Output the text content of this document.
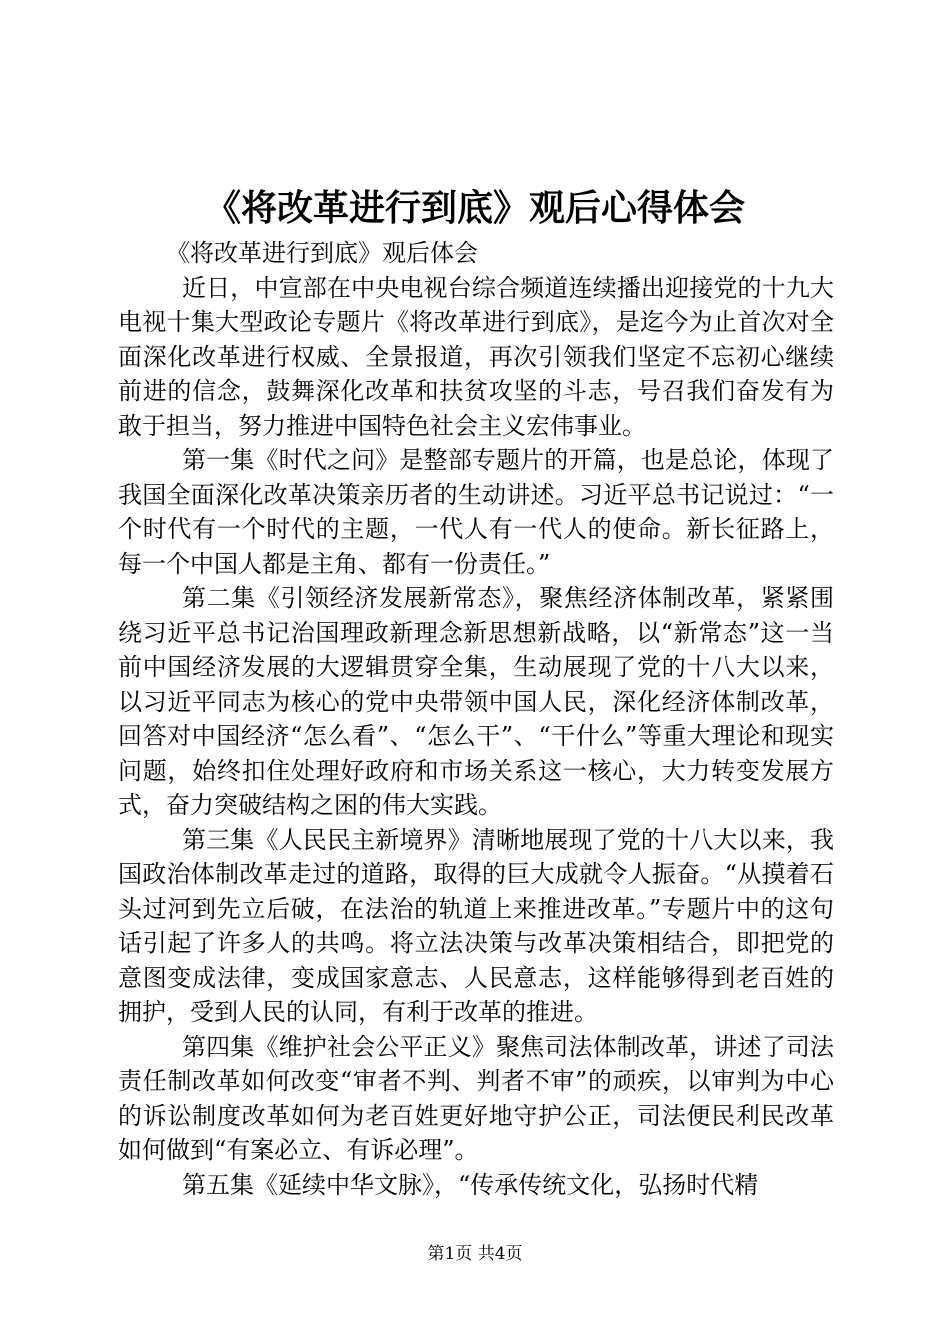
《将改革进行到底》观后心得体会

《将改革进行到底》观后体会

近日，中宣部在中央电视台综合频道连续播出迎接党的十九大电视十集大型政论专题片《将改革进行到底》，是迄今为止首次对全面深化改革进行权威、全景报道，再次引领我们坚定不忘初心继续前进的信念，鼓舞深化改革和扶贫攻坚的斗志，号召我们奋发有为敢于担当，努力推进中国特色社会主义宏伟事业。

第一集《时代之问》是整部专题片的开篇，也是总论，体现了我国全面深化改革决策亲历者的生动讲述。习近平总书记说过：“一个时代有一个时代的主题，一代人有一代人的使命。新长征路上，每一个中国人都是主角、都有一份责任。”

第二集《引领经济发展新常态》，聚焦经济体制改革，紧紧围绕习近平总书记治国理政新理念新思想新战略，以“新常态”这一当前中国经济发展的大逻辑贯穿全集，生动展现了党的十八大以来，以习近平同志为核心的党中央带领中国人民，深化经济体制改革，回答对中国经济“怎么看”、“怎么干”、“干什么”等重大理论和现实问题，始终扣住处理好政府和市场关系这一核心，大力转变发展方式，奋力突破结构之困的伟大实践。

第三集《人民民主新境界》清晰地展现了党的十八大以来，我国政治体制改革走过的道路，取得的巨大成就令人振奋。“从摸着石头过河到先立后破，在法治的轨道上来推进改革。”专题片中的这句话引起了许多人的共鸣。将立法决策与改革决策相结合，即把党的意图变成法律，变成国家意志、人民意志，这样能够得到老百姓的拥护，受到人民的认同，有利于改革的推进。

第四集《维护社会公平正义》聚焦司法体制改革，讲述了司法责任制改革如何改变“审者不判、判者不审”的顽疾，以审判为中心的诉讼制度改革如何为老百姓更好地守护公正，司法便民利民改革如何做到“有案必立、有诉必理”。

第五集《延续中华文脉》，“传承传统文化，弘扬时代精

第1页 共4页
